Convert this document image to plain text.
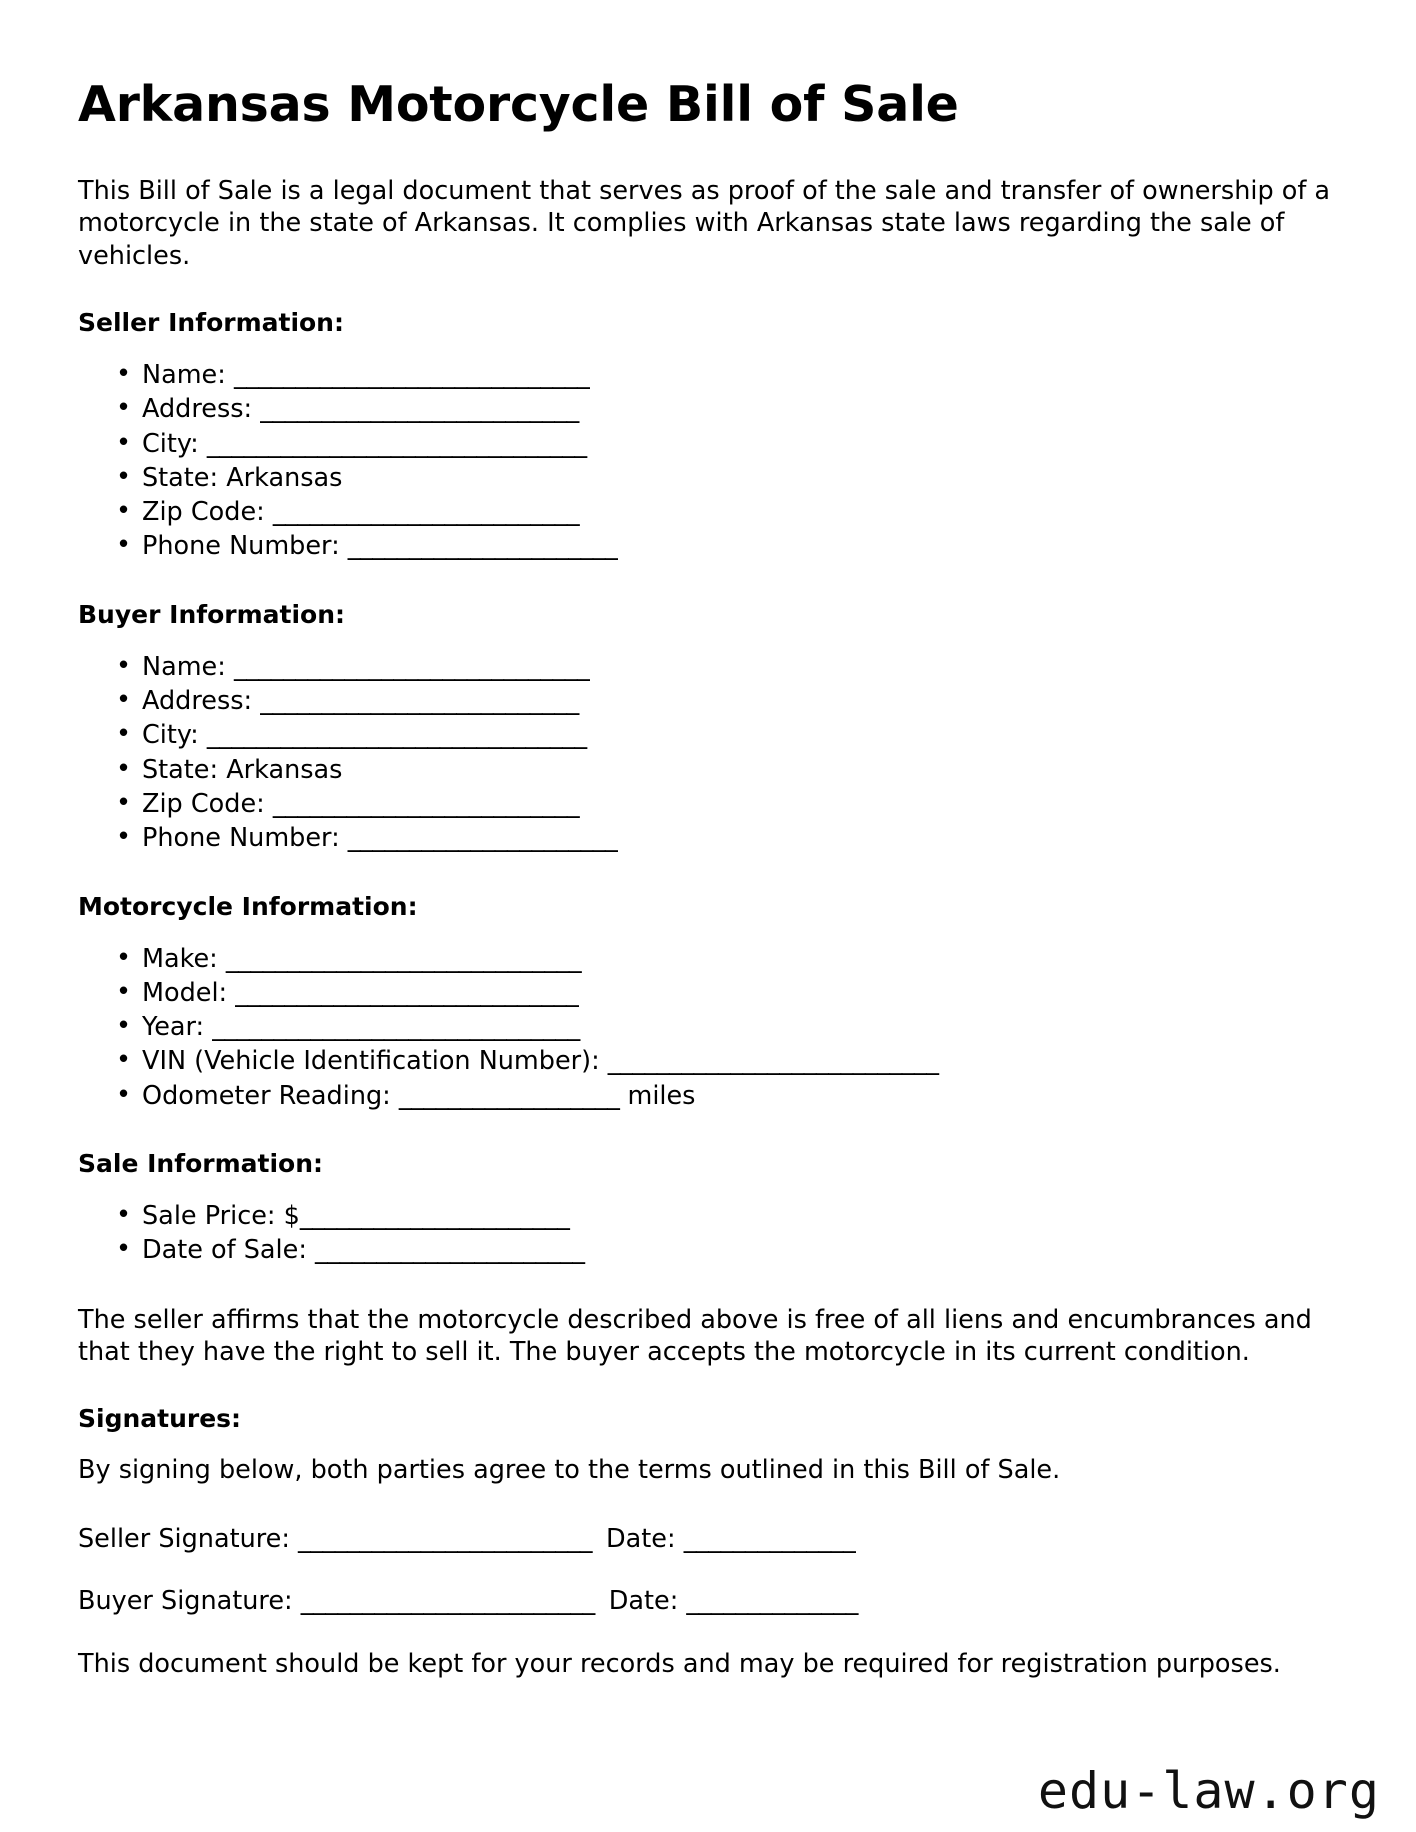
Arkansas Motorcycle Bill of Sale

This Bill of Sale is a legal document that serves as proof of the sale and transfer of ownership of a motorcycle in the state of Arkansas. It complies with Arkansas state laws regarding the sale of vehicles.

Seller Information:
• Name: _____________________________
• Address: __________________________
• City: _______________________________
• State: Arkansas
• Zip Code: _________________________
• Phone Number: ______________________
Buyer Information:
• Name: _____________________________
• Address: __________________________
• City: _______________________________
• State: Arkansas
• Zip Code: _________________________
• Phone Number: ______________________
Motorcycle Information:
• Make: _____________________________
• Model: ____________________________
• Year: ______________________________
• VIN (Vehicle Identification Number): ___________________________
• Odometer Reading: __________________ miles
Sale Information:
• Sale Price: $______________________
• Date of Sale: ______________________

The seller affirms that the motorcycle described above is free of all liens and encumbrances and that they have the right to sell it. The buyer accepts the motorcycle in its current condition.

Signatures:

By signing below, both parties agree to the terms outlined in this Bill of Sale.

Seller Signature: ________________________ Date: ______________
Buyer Signature: ________________________ Date: ______________

This document should be kept for your records and may be required for registration purposes.

edu-law.org
